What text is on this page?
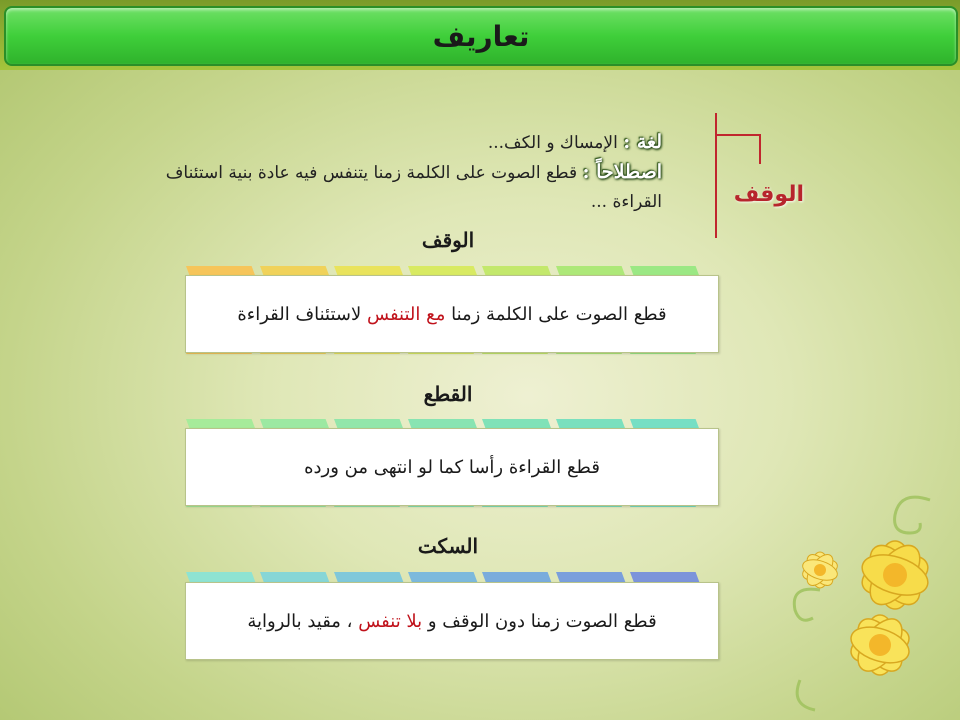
تعاريف
الوقف
لغة : الإمساك و الكف...
اصطلاحاً : قطع الصوت على الكلمة زمنا يتنفس فيه عادة بنية استئناف القراءة ...
الوقف
قطع الصوت على الكلمة زمنا مع التنفس لاستئناف القراءة
القطع
قطع القراءة رأسا كما لو انتهى من ورده
السكت
قطع الصوت زمنا دون الوقف و بلا تنفس ، مقيد بالرواية
